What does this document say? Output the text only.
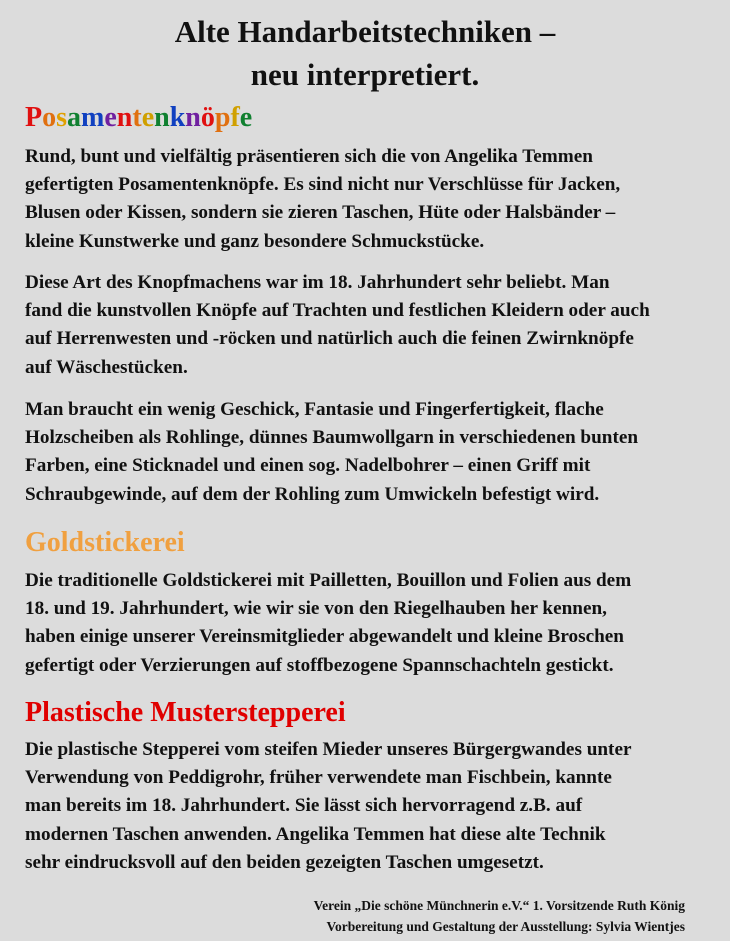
Alte Handarbeitstechniken –
neu interpretiert.
Posamentenknöpfe

Rund, bunt und vielfältig präsentieren sich die von Angelika Temmen
gefertigten Posamentenknöpfe. Es sind nicht nur Verschlüsse für Jacken,
Blusen oder Kissen, sondern sie zieren Taschen, Hüte oder Halsbänder –
kleine Kunstwerke und ganz besondere Schmuckstücke.

Diese Art des Knopfmachens war im 18. Jahrhundert sehr beliebt. Man
fand die kunstvollen Knöpfe auf Trachten und festlichen Kleidern oder auch
auf Herrenwesten und -röcken und natürlich auch die feinen Zwirnknöpfe
auf Wäschestücken.

Man braucht ein wenig Geschick, Fantasie und Fingerfertigkeit, flache
Holzscheiben als Rohlinge, dünnes Baumwollgarn in verschiedenen bunten
Farben, eine Sticknadel und einen sog. Nadelbohrer – einen Griff mit
Schraubgewinde, auf dem der Rohling zum Umwickeln befestigt wird.

Goldstickerei

Die traditionelle Goldstickerei mit Pailletten, Bouillon und Folien aus dem
18. und 19. Jahrhundert, wie wir sie von den Riegelhauben her kennen,
haben einige unserer Vereinsmitglieder abgewandelt und kleine Broschen
gefertigt oder Verzierungen auf stoffbezogene Spannschachteln gestickt.

Plastische Musterstepperei

Die plastische Stepperei vom steifen Mieder unseres Bürgergwandes unter
Verwendung von Peddigrohr, früher verwendete man Fischbein, kannte
man bereits im 18. Jahrhundert. Sie lässt sich hervorragend z.B. auf
modernen Taschen anwenden. Angelika Temmen hat diese alte Technik
sehr eindrucksvoll auf den beiden gezeigten Taschen umgesetzt.

Verein „Die schöne Münchnerin e.V.“ 1. Vorsitzende Ruth König
Vorbereitung und Gestaltung der Ausstellung: Sylvia Wientjes
